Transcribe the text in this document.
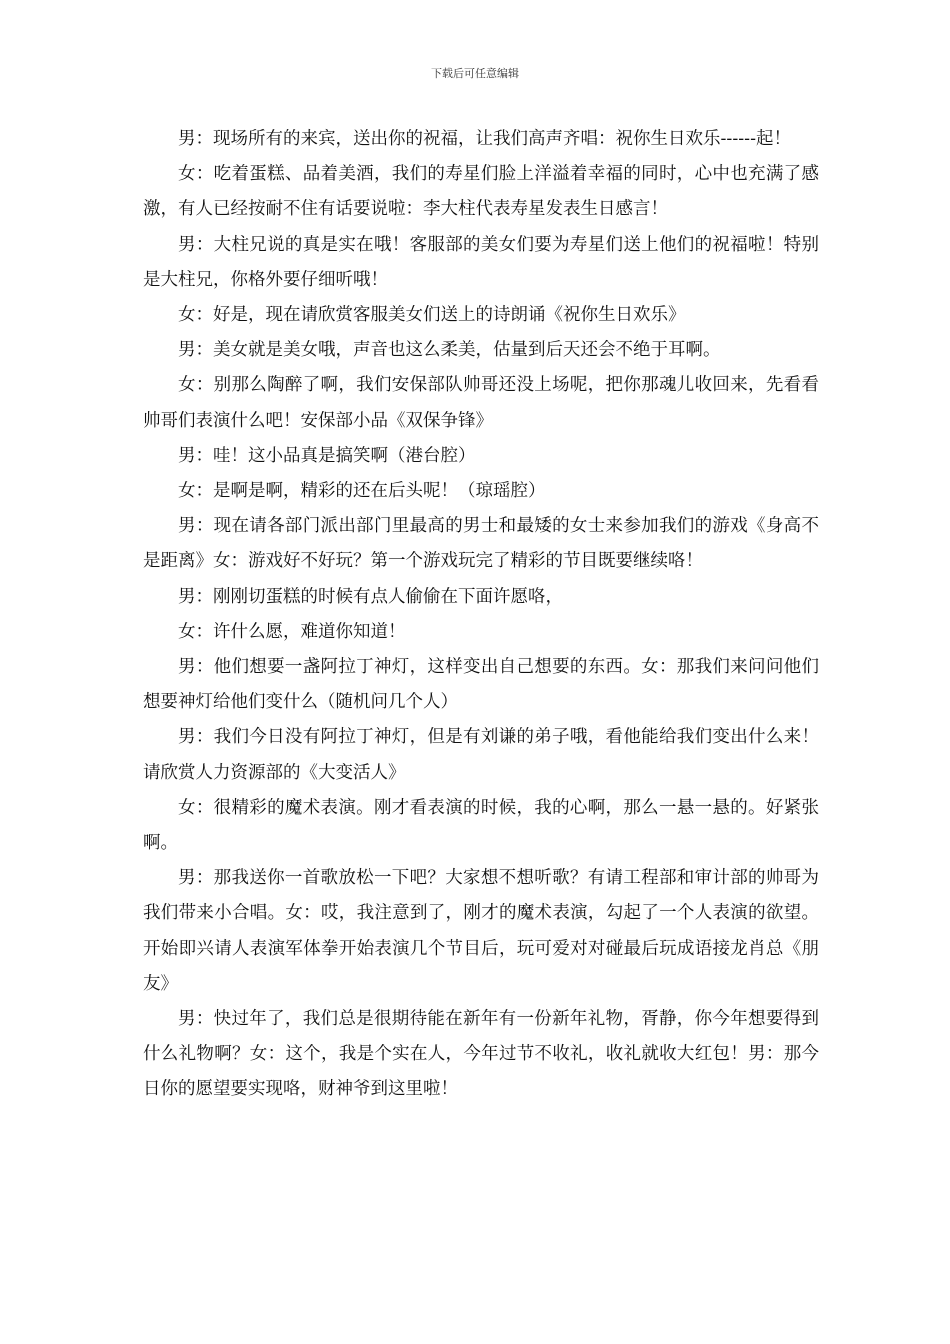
下载后可任意编辑

男：现场所有的来宾，送出你的祝福，让我们高声齐唱：祝你生日欢乐------起！

女：吃着蛋糕、品着美酒，我们的寿星们脸上洋溢着幸福的同时，心中也充满了感激，有人已经按耐不住有话要说啦：李大柱代表寿星发表生日感言！

男：大柱兄说的真是实在哦！客服部的美女们要为寿星们送上他们的祝福啦！特别是大柱兄，你格外要仔细听哦！

女：好是，现在请欣赏客服美女们送上的诗朗诵《祝你生日欢乐》

男：美女就是美女哦，声音也这么柔美，估量到后天还会不绝于耳啊。

女：别那么陶醉了啊，我们安保部队帅哥还没上场呢，把你那魂儿收回来，先看看帅哥们表演什么吧！安保部小品《双保争锋》

男：哇！这小品真是搞笑啊（港台腔）

女：是啊是啊，精彩的还在后头呢！（琼瑶腔）

男：现在请各部门派出部门里最高的男士和最矮的女士来参加我们的游戏《身高不是距离》女：游戏好不好玩？第一个游戏玩完了精彩的节目既要继续咯！

男：刚刚切蛋糕的时候有点人偷偷在下面许愿咯，

女：许什么愿，难道你知道！

男：他们想要一盏阿拉丁神灯，这样变出自己想要的东西。女：那我们来问问他们想要神灯给他们变什么（随机问几个人）

男：我们今日没有阿拉丁神灯，但是有刘谦的弟子哦，看他能给我们变出什么来！请欣赏人力资源部的《大变活人》

女：很精彩的魔术表演。刚才看表演的时候，我的心啊，那么一悬一悬的。好紧张啊。

男：那我送你一首歌放松一下吧？大家想不想听歌？有请工程部和审计部的帅哥为我们带来小合唱。女：哎，我注意到了，刚才的魔术表演，勾起了一个人表演的欲望。开始即兴请人表演军体拳开始表演几个节目后，玩可爱对对碰最后玩成语接龙肖总《朋友》

男：快过年了，我们总是很期待能在新年有一份新年礼物，胥静，你今年想要得到什么礼物啊？女：这个，我是个实在人，今年过节不收礼，收礼就收大红包！男：那今日你的愿望要实现咯，财神爷到这里啦！
